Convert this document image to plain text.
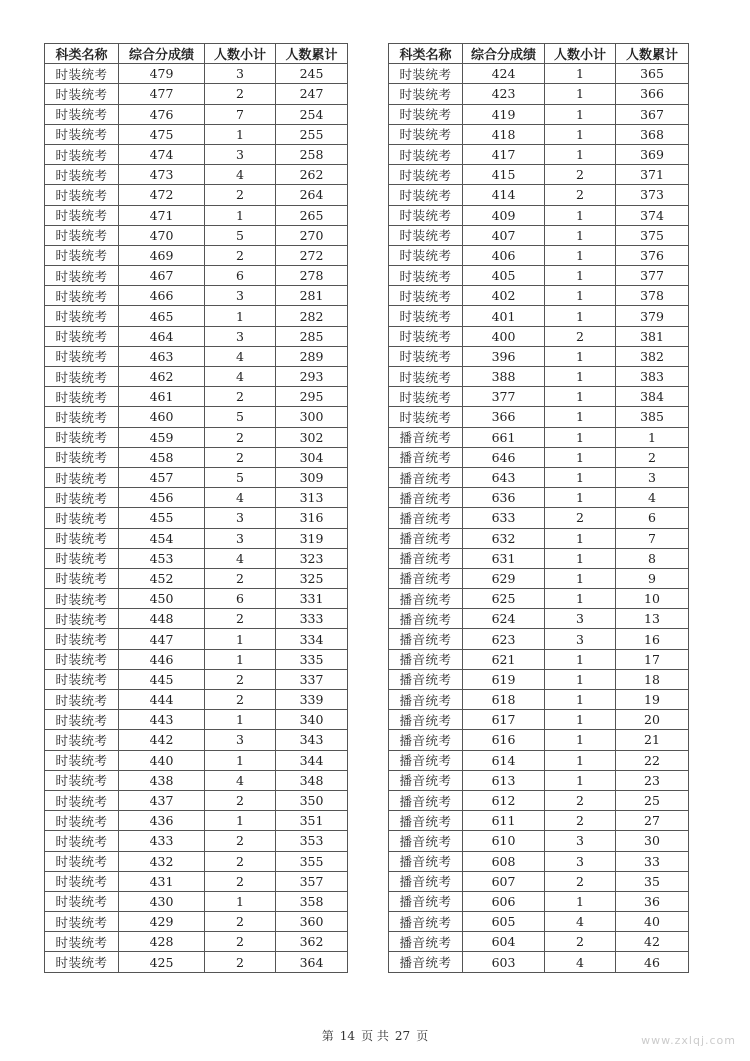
科类名称	综合分成绩	人数小计	人数累计
时装统考	479	3	245
时装统考	477	2	247
时装统考	476	7	254
时装统考	475	1	255
时装统考	474	3	258
时装统考	473	4	262
时装统考	472	2	264
时装统考	471	1	265
时装统考	470	5	270
时装统考	469	2	272
时装统考	467	6	278
时装统考	466	3	281
时装统考	465	1	282
时装统考	464	3	285
时装统考	463	4	289
时装统考	462	4	293
时装统考	461	2	295
时装统考	460	5	300
时装统考	459	2	302
时装统考	458	2	304
时装统考	457	5	309
时装统考	456	4	313
时装统考	455	3	316
时装统考	454	3	319
时装统考	453	4	323
时装统考	452	2	325
时装统考	450	6	331
时装统考	448	2	333
时装统考	447	1	334
时装统考	446	1	335
时装统考	445	2	337
时装统考	444	2	339
时装统考	443	1	340
时装统考	442	3	343
时装统考	440	1	344
时装统考	438	4	348
时装统考	437	2	350
时装统考	436	1	351
时装统考	433	2	353
时装统考	432	2	355
时装统考	431	2	357
时装统考	430	1	358
时装统考	429	2	360
时装统考	428	2	362
时装统考	425	2	364
科类名称	综合分成绩	人数小计	人数累计
时装统考	424	1	365
时装统考	423	1	366
时装统考	419	1	367
时装统考	418	1	368
时装统考	417	1	369
时装统考	415	2	371
时装统考	414	2	373
时装统考	409	1	374
时装统考	407	1	375
时装统考	406	1	376
时装统考	405	1	377
时装统考	402	1	378
时装统考	401	1	379
时装统考	400	2	381
时装统考	396	1	382
时装统考	388	1	383
时装统考	377	1	384
时装统考	366	1	385
播音统考	661	1	1
播音统考	646	1	2
播音统考	643	1	3
播音统考	636	1	4
播音统考	633	2	6
播音统考	632	1	7
播音统考	631	1	8
播音统考	629	1	9
播音统考	625	1	10
播音统考	624	3	13
播音统考	623	3	16
播音统考	621	1	17
播音统考	619	1	18
播音统考	618	1	19
播音统考	617	1	20
播音统考	616	1	21
播音统考	614	1	22
播音统考	613	1	23
播音统考	612	2	25
播音统考	611	2	27
播音统考	610	3	30
播音统考	608	3	33
播音统考	607	2	35
播音统考	606	1	36
播音统考	605	4	40
播音统考	604	2	42
播音统考	603	4	46
第 14 页 共 27 页	www.zxlqj.com
